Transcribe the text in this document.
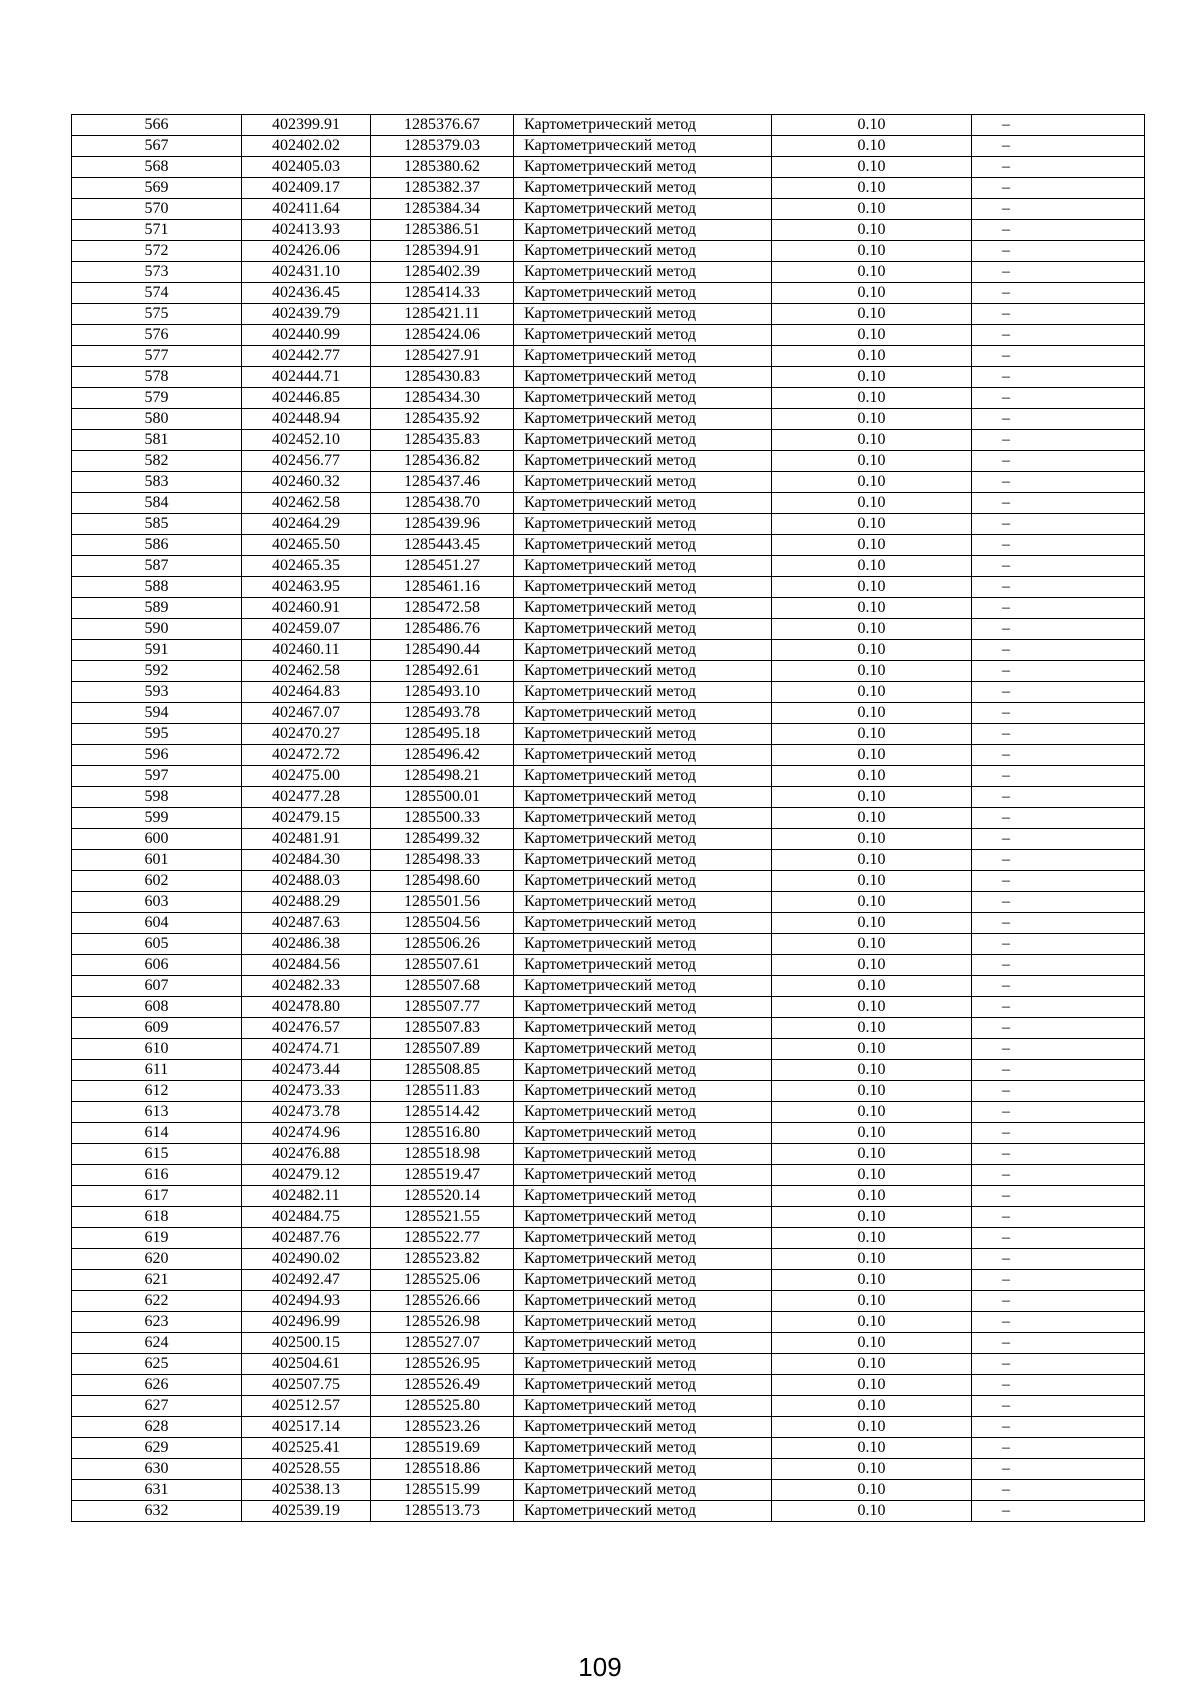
566	402399.91	1285376.67	Картометрический метод	0.10	–
567	402402.02	1285379.03	Картометрический метод	0.10	–
568	402405.03	1285380.62	Картометрический метод	0.10	–
569	402409.17	1285382.37	Картометрический метод	0.10	–
570	402411.64	1285384.34	Картометрический метод	0.10	–
571	402413.93	1285386.51	Картометрический метод	0.10	–
572	402426.06	1285394.91	Картометрический метод	0.10	–
573	402431.10	1285402.39	Картометрический метод	0.10	–
574	402436.45	1285414.33	Картометрический метод	0.10	–
575	402439.79	1285421.11	Картометрический метод	0.10	–
576	402440.99	1285424.06	Картометрический метод	0.10	–
577	402442.77	1285427.91	Картометрический метод	0.10	–
578	402444.71	1285430.83	Картометрический метод	0.10	–
579	402446.85	1285434.30	Картометрический метод	0.10	–
580	402448.94	1285435.92	Картометрический метод	0.10	–
581	402452.10	1285435.83	Картометрический метод	0.10	–
582	402456.77	1285436.82	Картометрический метод	0.10	–
583	402460.32	1285437.46	Картометрический метод	0.10	–
584	402462.58	1285438.70	Картометрический метод	0.10	–
585	402464.29	1285439.96	Картометрический метод	0.10	–
586	402465.50	1285443.45	Картометрический метод	0.10	–
587	402465.35	1285451.27	Картометрический метод	0.10	–
588	402463.95	1285461.16	Картометрический метод	0.10	–
589	402460.91	1285472.58	Картометрический метод	0.10	–
590	402459.07	1285486.76	Картометрический метод	0.10	–
591	402460.11	1285490.44	Картометрический метод	0.10	–
592	402462.58	1285492.61	Картометрический метод	0.10	–
593	402464.83	1285493.10	Картометрический метод	0.10	–
594	402467.07	1285493.78	Картометрический метод	0.10	–
595	402470.27	1285495.18	Картометрический метод	0.10	–
596	402472.72	1285496.42	Картометрический метод	0.10	–
597	402475.00	1285498.21	Картометрический метод	0.10	–
598	402477.28	1285500.01	Картометрический метод	0.10	–
599	402479.15	1285500.33	Картометрический метод	0.10	–
600	402481.91	1285499.32	Картометрический метод	0.10	–
601	402484.30	1285498.33	Картометрический метод	0.10	–
602	402488.03	1285498.60	Картометрический метод	0.10	–
603	402488.29	1285501.56	Картометрический метод	0.10	–
604	402487.63	1285504.56	Картометрический метод	0.10	–
605	402486.38	1285506.26	Картометрический метод	0.10	–
606	402484.56	1285507.61	Картометрический метод	0.10	–
607	402482.33	1285507.68	Картометрический метод	0.10	–
608	402478.80	1285507.77	Картометрический метод	0.10	–
609	402476.57	1285507.83	Картометрический метод	0.10	–
610	402474.71	1285507.89	Картометрический метод	0.10	–
611	402473.44	1285508.85	Картометрический метод	0.10	–
612	402473.33	1285511.83	Картометрический метод	0.10	–
613	402473.78	1285514.42	Картометрический метод	0.10	–
614	402474.96	1285516.80	Картометрический метод	0.10	–
615	402476.88	1285518.98	Картометрический метод	0.10	–
616	402479.12	1285519.47	Картометрический метод	0.10	–
617	402482.11	1285520.14	Картометрический метод	0.10	–
618	402484.75	1285521.55	Картометрический метод	0.10	–
619	402487.76	1285522.77	Картометрический метод	0.10	–
620	402490.02	1285523.82	Картометрический метод	0.10	–
621	402492.47	1285525.06	Картометрический метод	0.10	–
622	402494.93	1285526.66	Картометрический метод	0.10	–
623	402496.99	1285526.98	Картометрический метод	0.10	–
624	402500.15	1285527.07	Картометрический метод	0.10	–
625	402504.61	1285526.95	Картометрический метод	0.10	–
626	402507.75	1285526.49	Картометрический метод	0.10	–
627	402512.57	1285525.80	Картометрический метод	0.10	–
628	402517.14	1285523.26	Картометрический метод	0.10	–
629	402525.41	1285519.69	Картометрический метод	0.10	–
630	402528.55	1285518.86	Картометрический метод	0.10	–
631	402538.13	1285515.99	Картометрический метод	0.10	–
632	402539.19	1285513.73	Картометрический метод	0.10	–
109
